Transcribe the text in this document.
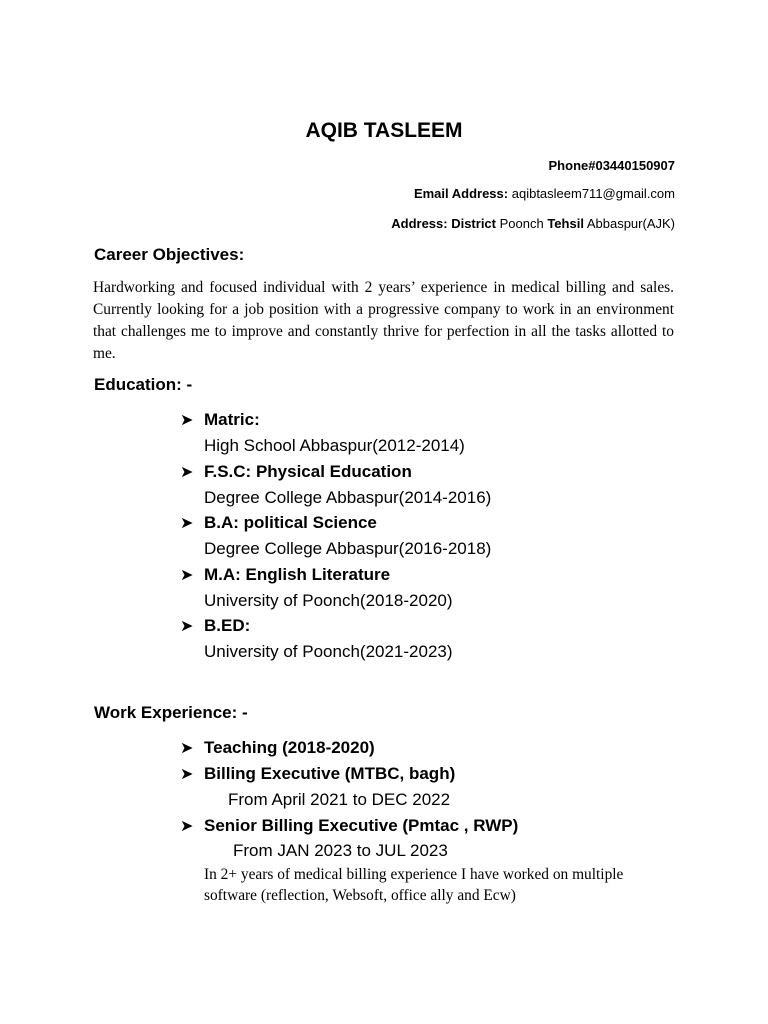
AQIB TASLEEM
Phone#03440150907
Email Address: aqibtasleem711@gmail.com
Address: District Poonch Tehsil Abbaspur(AJK)
Career Objectives:
Hardworking and focused individual with 2 years’ experience in medical billing and sales. Currently looking for a job position with a progressive company to work in an environment that challenges me to improve and constantly thrive for perfection in all the tasks allotted to me.
Education: -
➤ Matric:
High School Abbaspur(2012-2014)
➤ F.S.C: Physical Education
Degree College Abbaspur(2014-2016)
➤ B.A: political Science
Degree College Abbaspur(2016-2018)
➤ M.A: English Literature
University of Poonch(2018-2020)
➤ B.ED:
University of Poonch(2021-2023)
Work Experience: -
➤ Teaching (2018-2020)
➤ Billing Executive (MTBC, bagh)
From April 2021 to DEC 2022
➤ Senior Billing Executive (Pmtac , RWP)
From JAN 2023 to JUL 2023
In 2+ years of medical billing experience I have worked on multiple software (reflection, Websoft, office ally and Ecw)
